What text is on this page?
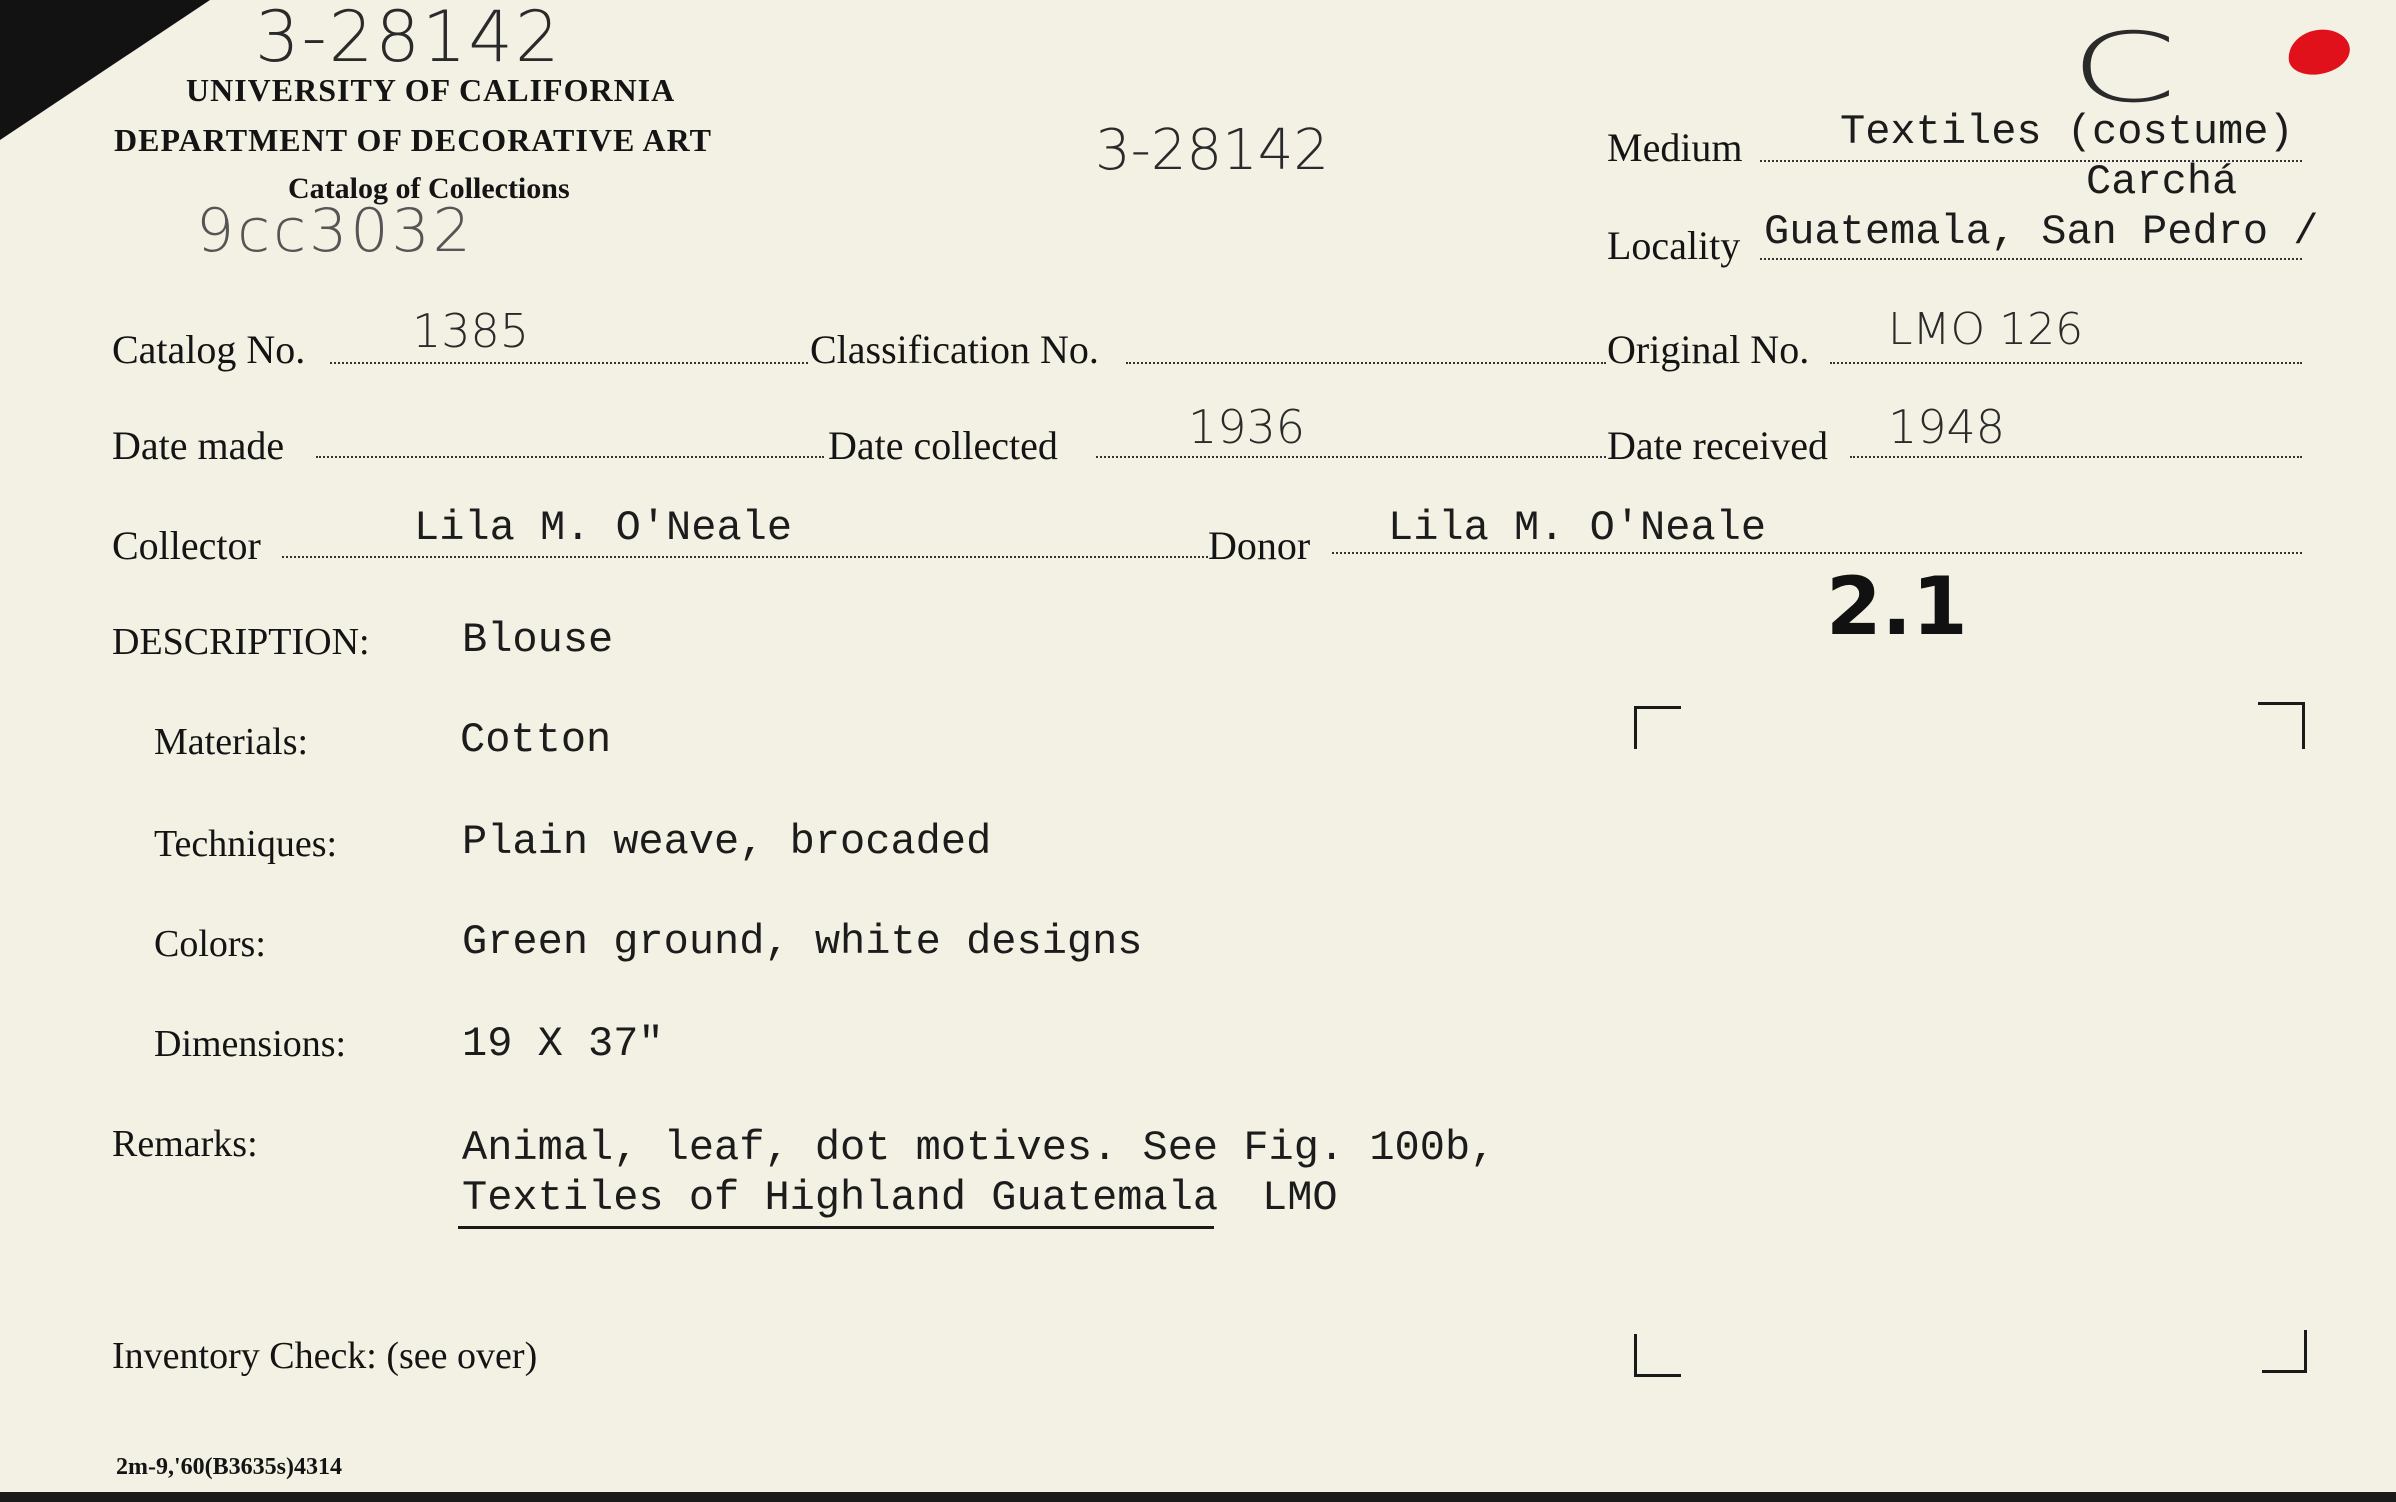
3-28142
UNIVERSITY OF CALIFORNIA
DEPARTMENT OF DECORATIVE ART
Catalog of Collections
9cc3032
3-28142
C
Medium Textiles (costume)
Carchá
Locality Guatemala, San Pedro /
Catalog No. 1385	Classification No.	Original No. LMO 126
Date made	Date collected	1936	Date received 1948
Collector	Lila M. O'Neale	Donor Lila M. O'Neale
2.1
DESCRIPTION: Blouse
Materials:	Cotton
Techniques:	Plain weave, brocaded
Colors:	Green ground, white designs
Dimensions:	19 X 37"
Remarks:	Animal, leaf, dot motives. See Fig. 100b,
Textiles of Highland Guatemala LMO
Inventory Check: (see over)
2m-9,'60(B3635s)4314
